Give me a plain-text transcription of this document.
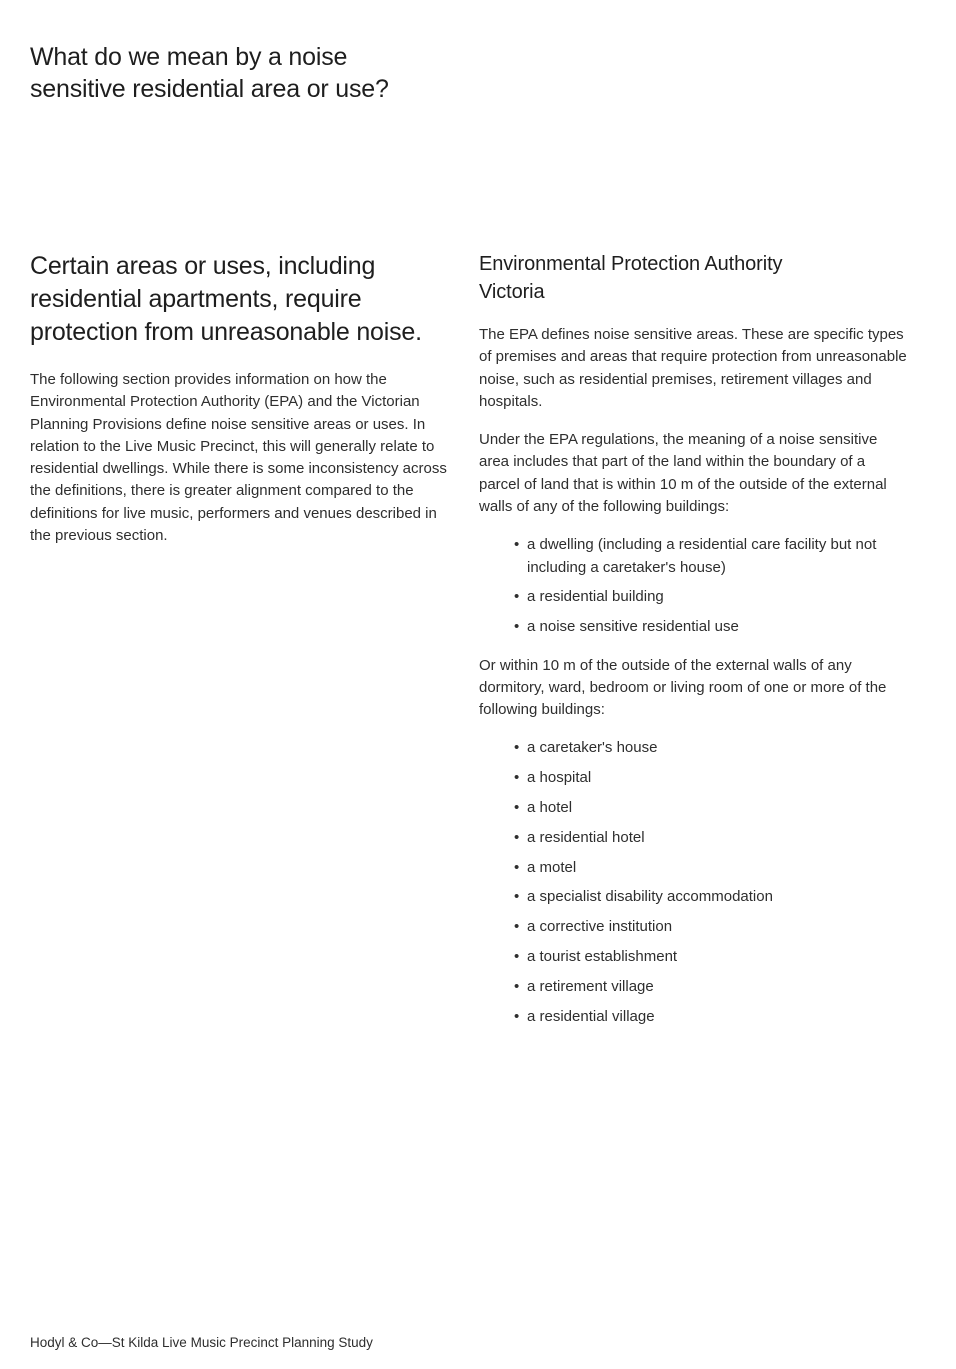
What do we mean by a noise sensitive residential area or use?
Certain areas or uses, including residential apartments, require protection from unreasonable noise.

The following section provides information on how the Environmental Protection Authority (EPA) and the Victorian Planning Provisions define noise sensitive areas or uses. In relation to the Live Music Precinct, this will generally relate to residential dwellings. While there is some inconsistency across the definitions, there is greater alignment compared to the definitions for live music, performers and venues described in the previous section.

Environmental Protection Authority Victoria

The EPA defines noise sensitive areas. These are specific types of premises and areas that require protection from unreasonable noise, such as residential premises, retirement villages and hospitals.

Under the EPA regulations, the meaning of a noise sensitive area includes that part of the land within the boundary of a parcel of land that is within 10 m of the outside of the external walls of any of the following buildings:

• a dwelling (including a residential care facility but not including a caretaker's house)
• a residential building
• a noise sensitive residential use

Or within 10 m of the outside of the external walls of any dormitory, ward, bedroom or living room of one or more of the following buildings:

• a caretaker's house
• a hospital
• a hotel
• a residential hotel
• a motel
• a specialist disability accommodation
• a corrective institution
• a tourist establishment
• a retirement village
• a residential village
Hodyl & Co—St Kilda Live Music Precinct Planning Study
